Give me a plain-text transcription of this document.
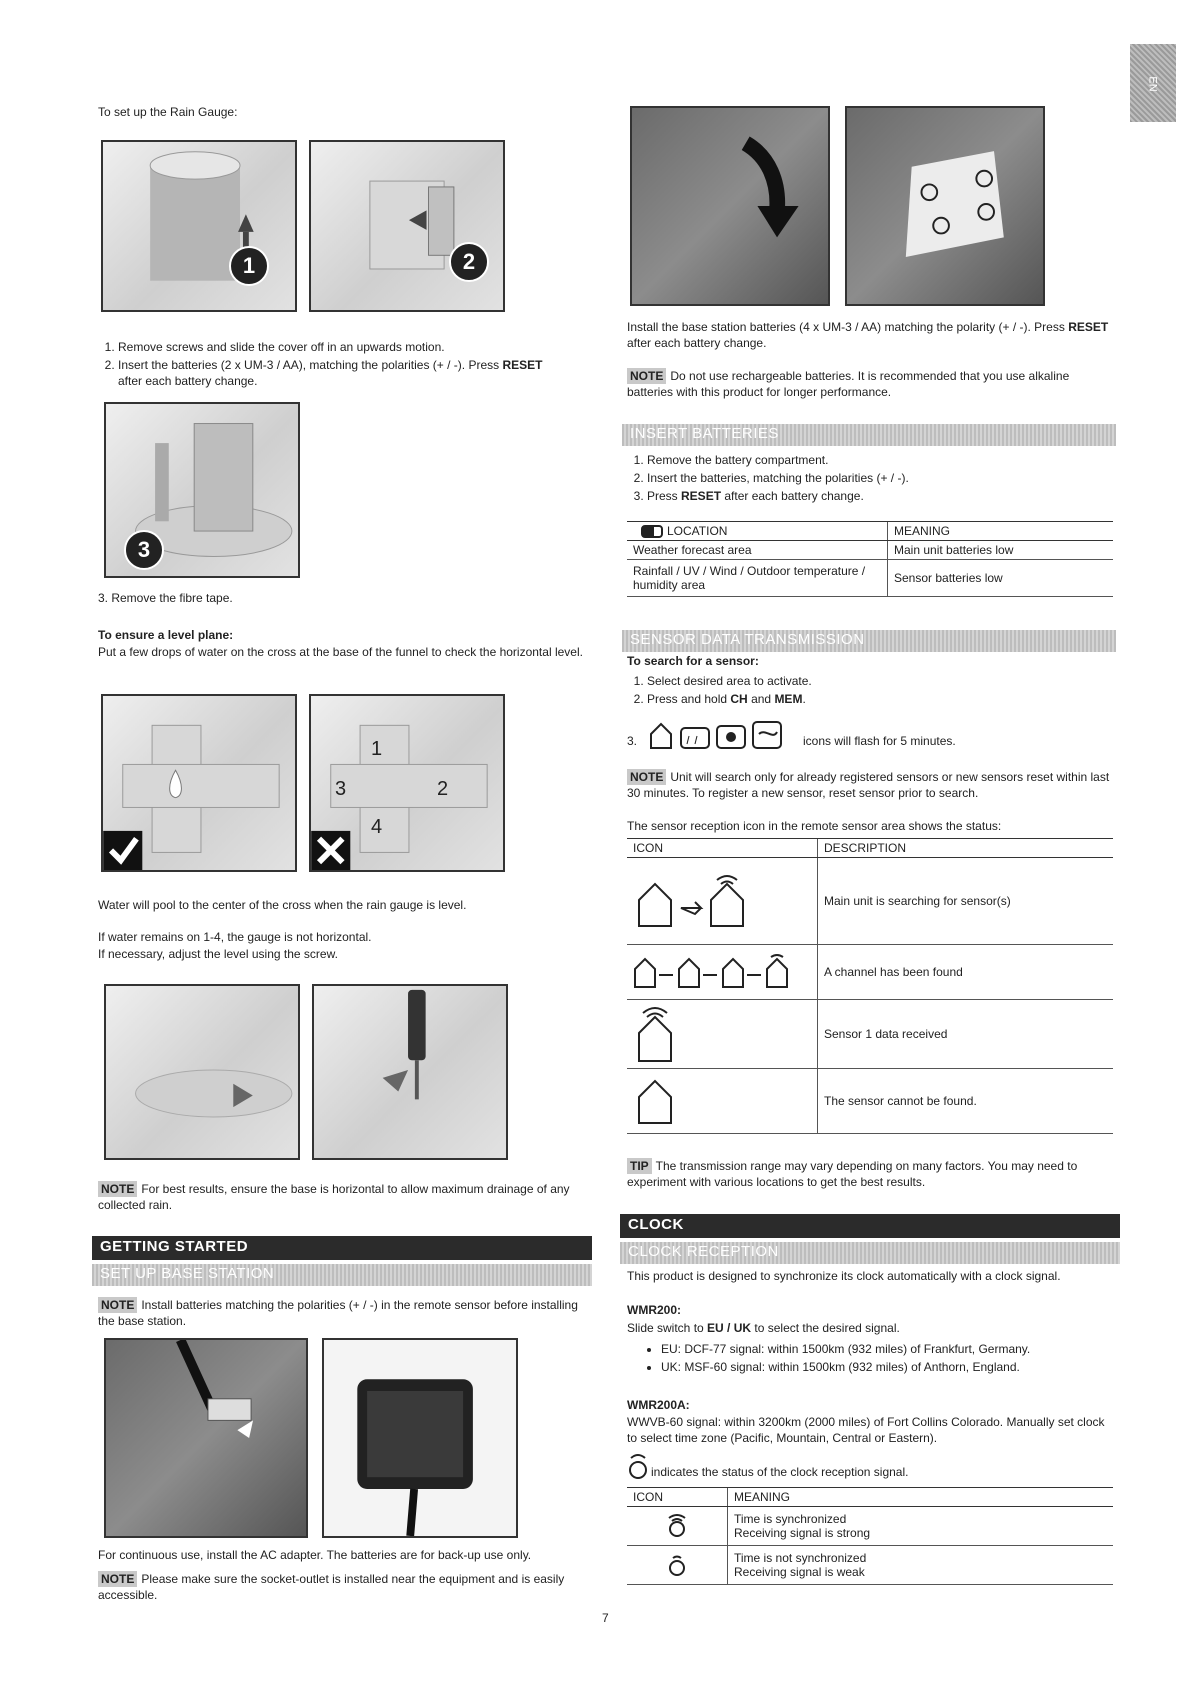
EN
To set up the Rain Gauge:
1	2
1. Remove screws and slide the cover off in an upwards motion.
2. Insert the batteries (2 x UM-3 / AA), matching the polarities (+ / -). Press RESET
after each battery change.
3
3. Remove the fibre tape.
To ensure a level plane:
Put a few drops of water on the cross at the base of the funnel to check the horizontal level.
1
2
3
4
Water will pool to the center of the cross when the rain gauge is level.
If water remains on 1-4, the gauge is not horizontal.
If necessary, adjust the level using the screw.
NOTE For best results, ensure the base is horizontal to allow maximum drainage of any collected rain.
GETTING STARTED
SET UP BASE STATION
NOTE Install batteries matching the polarities (+ / -) in the remote sensor before installing the base station.
For continuous use, install the AC adapter. The batteries are for back-up use only.
NOTE Please make sure the socket-outlet is installed near the equipment and is easily accessible.
7
Install the base station batteries (4 x UM-3 / AA) matching the polarity (+ / -). Press RESET after each battery change.
NOTE Do not use rechargeable batteries. It is recommended that you use alkaline batteries with this product for longer performance.
INSERT BATTERIES
1. Remove the battery compartment.
2. Insert the batteries, matching the polarities (+ / -).
3. Press RESET after each battery change.
LOCATION	MEANING
Weather forecast area	Main unit batteries low
Rainfall / UV / Wind / Outdoor temperature / humidity area	Sensor batteries low
SENSOR DATA TRANSMISSION
To search for a sensor:
1. Select desired area to activate.
2. Press and hold CH and MEM.
3.	icons will flash for 5 minutes.
NOTE Unit will search only for already registered sensors or new sensors reset within last 30 minutes. To register a new sensor, reset sensor prior to search.
The sensor reception icon in the remote sensor area shows the status:
ICON	DESCRIPTION
	Main unit is searching for sensor(s)
	A channel has been found
	Sensor 1 data received
	The sensor cannot be found.
TIP The transmission range may vary depending on many factors. You may need to experiment with various locations to get the best results.
CLOCK
CLOCK RECEPTION
This product is designed to synchronize its clock automatically with a clock signal.
WMR200:
Slide switch to EU / UK to select the desired signal.
• EU: DCF-77 signal: within 1500km (932 miles) of Frankfurt, Germany.
• UK: MSF-60 signal: within 1500km (932 miles) of Anthorn, England.
WMR200A:
WWVB-60 signal: within 3200km (2000 miles) of Fort Collins Colorado. Manually set clock to select time zone (Pacific, Mountain, Central or Eastern).
indicates the status of the clock reception signal.
ICON	MEANING

Time is synchronized
Receiving signal is strong

Time is not synchronized
Receiving signal is weak
